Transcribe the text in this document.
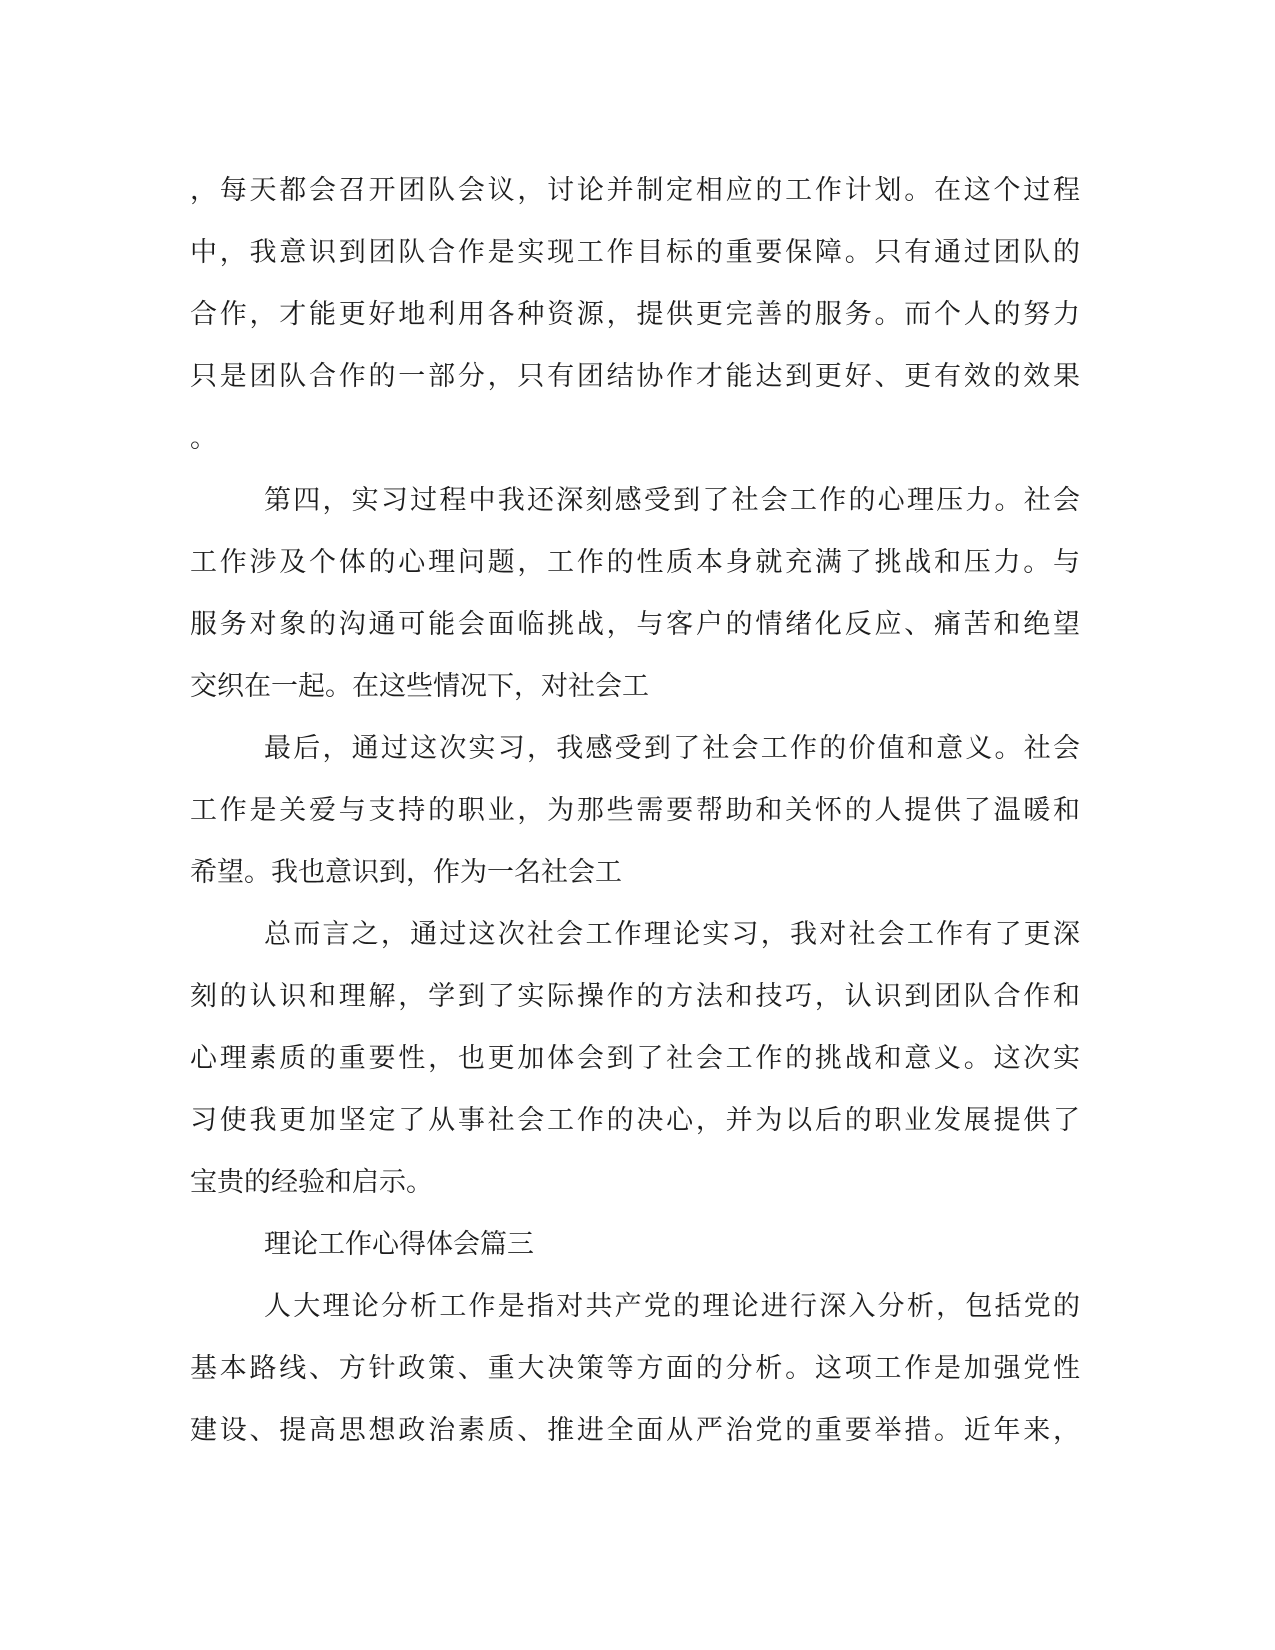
，每天都会召开团队会议，讨论并制定相应的工作计划。在这个过程
中，我意识到团队合作是实现工作目标的重要保障。只有通过团队的
合作，才能更好地利用各种资源，提供更完善的服务。而个人的努力
只是团队合作的一部分，只有团结协作才能达到更好、更有效的效果
。
第四，实习过程中我还深刻感受到了社会工作的心理压力。社会
工作涉及个体的心理问题，工作的性质本身就充满了挑战和压力。与
服务对象的沟通可能会面临挑战，与客户的情绪化反应、痛苦和绝望
交织在一起。在这些情况下，对社会工
最后，通过这次实习，我感受到了社会工作的价值和意义。社会
工作是关爱与支持的职业，为那些需要帮助和关怀的人提供了温暖和
希望。我也意识到，作为一名社会工
总而言之，通过这次社会工作理论实习，我对社会工作有了更深
刻的认识和理解，学到了实际操作的方法和技巧，认识到团队合作和
心理素质的重要性，也更加体会到了社会工作的挑战和意义。这次实
习使我更加坚定了从事社会工作的决心，并为以后的职业发展提供了
宝贵的经验和启示。
理论工作心得体会篇三
人大理论分析工作是指对共产党的理论进行深入分析，包括党的
基本路线、方针政策、重大决策等方面的分析。这项工作是加强党性
建设、提高思想政治素质、推进全面从严治党的重要举措。近年来，
